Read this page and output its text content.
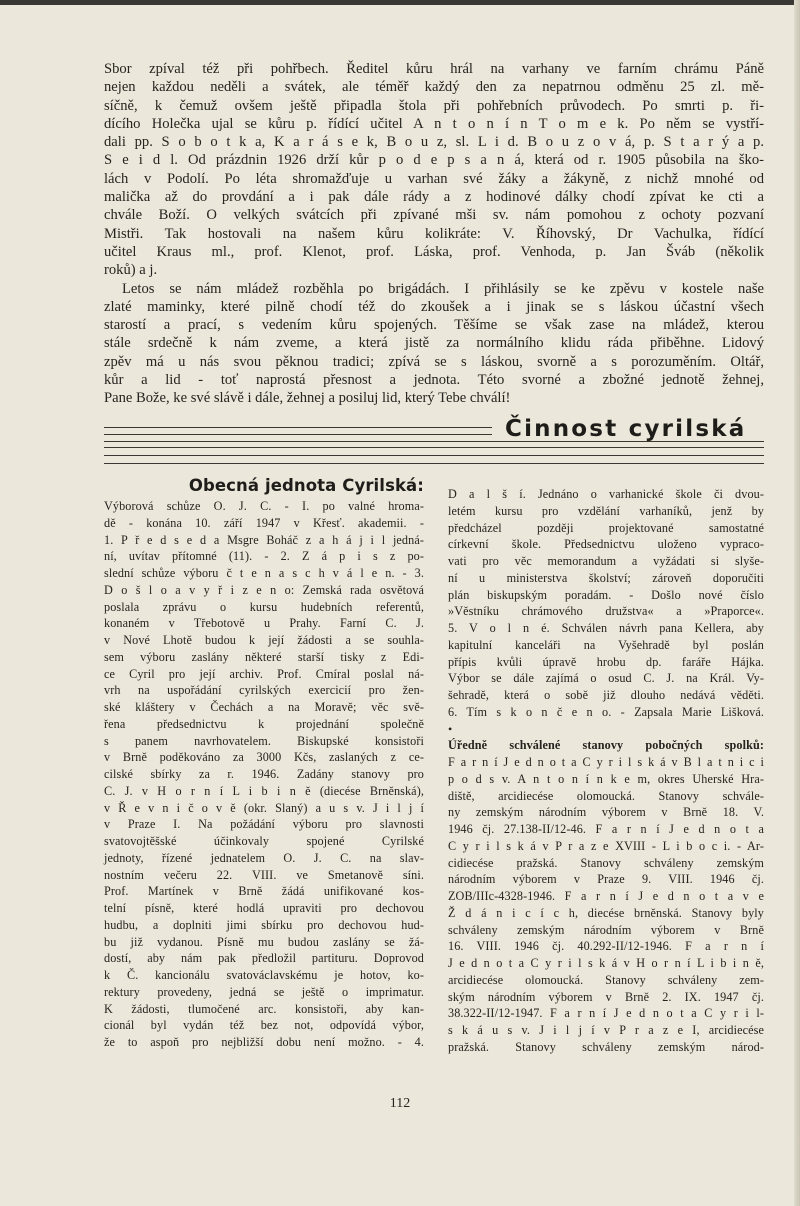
Sbor zpíval též při pohřbech. Ředitel kůru hrál na varhany ve farním chrámu Páně
nejen každou neděli a svátek, ale téměř každý den za nepatrnou odměnu 25 zl. mě-
síčně, k čemuž ovšem ještě připadla štola při pohřebních průvodech. Po smrti p. ři-
dícího Holečka ujal se kůru p. řídící učitel A n t o n í n T o m e k. Po něm se vystří-
dali pp. S o b o t k a, K a r á s e k, B o u z, sl. L i d. B o u z o v á, p. S t a r ý a p.
S e i d l. Od prázdnin 1926 drží kůr p o d e p s a n á, která od r. 1905 působila na ško-
lách v Podolí. Po léta shromažďuje u varhan své žáky a žákyně, z nichž mnohé od
malička až do provdání a i pak dále rády a z hodinové dálky chodí zpívat ke cti a
chvále Boží. O velkých svátcích při zpívané mši sv. nám pomohou z ochoty pozvaní
Mistři. Tak hostovali na našem kůru kolikráte: V. Říhovský, Dr Vachulka, řídící
učitel Kraus ml., prof. Klenot, prof. Láska, prof. Venhoda, p. Jan Šváb (několik
roků) a j.
Letos se nám mládež rozběhla po brigádách. I přihlásily se ke zpěvu v kostele naše
zlaté maminky, které pilně chodí též do zkoušek a i jinak se s láskou účastní všech
starostí a prací, s vedením kůru spojených. Těšíme se však zase na mládež, kterou
stále srdečně k nám zveme, a která jistě za normálního klidu ráda přiběhne. Lidový
zpěv má u nás svou pěknou tradici; zpívá se s láskou, svorně a s porozuměním. Oltář,
kůr a lid - toť naprostá přesnost a jednota. Této svorné a zbožné jednotě žehnej,
Pane Bože, ke své slávě i dále, žehnej a posiluj lid, který Tebe chválí!
Činnost cyrilská
Obecná jednota Cyrilská:
Výborová schůze O. J. C. - I. po valné hroma-
dě - konána 10. září 1947 v Křesť. akademii. -
1. P ř e d s e d a Msgre Boháč z a h á j i l jedná-
ní, uvítav přítomné (11). - 2. Z á p i s z po-
slední schůze výboru č t e n a s c h v á l e n. - 3.
D o š l o a v y ř i z e n o: Zemská rada osvětová
poslala zprávu o kursu hudebních referentů,
konaném v Třebotově u Prahy. Farní C. J.
v Nové Lhotě budou k její žádosti a se souhla-
sem výboru zaslány některé starší tisky z Edi-
ce Cyril pro její archiv. Prof. Cmíral poslal ná-
vrh na uspořádání cyrilských exercicií pro žen-
ské kláštery v Čechách a na Moravě; věc svě-
řena předsednictvu k projednání společně
s panem navrhovatelem. Biskupské konsistoři
v Brně poděkováno za 3000 Kčs, zaslaných z ce-
cilské sbírky za r. 1946. Zadány stanovy pro
C. J. v H o r n í L i b i n ě (diecése Brněnská),
v Ř e v n i č o v ě (okr. Slaný) a u s v. J i l j í
v Praze I. Na požádání výboru pro slavnosti
svatovojtěšské účinkovaly spojené Cyrilské
jednoty, řízené jednatelem O. J. C. na slav-
nostním večeru 22. VIII. ve Smetanově síni.
Prof. Martínek v Brně žádá unifikované kos-
telní písně, které hodlá upraviti pro dechovou
hudbu, a doplniti jimi sbírku pro dechovou hud-
bu již vydanou. Písně mu budou zaslány se žá-
dostí, aby nám pak předložil partituru. Doprovod
k Č. kancionálu svatováclavskému je hotov, ko-
rektury provedeny, jedná se ještě o imprimatur.
K žádosti, tlumočené arc. konsistoři, aby kan-
cionál byl vydán též bez not, odpovídá výbor,
že to aspoň pro nejbližší dobu není možno. - 4.
D a l š í. Jednáno o varhanické škole či dvou-
letém kursu pro vzdělání varhaníků, jenž by
předcházel později projektované samostatné
církevní škole. Předsednictvu uloženo vypraco-
vati pro věc memorandum a vyžádati si slyše-
ní u ministerstva školství; zároveň doporučiti
plán biskupským poradám. - Došlo nové číslo
»Věstníku chrámového družstva« a »Praporce«.
5. V o l n é. Schválen návrh pana Kellera, aby
kapitulní kanceláři na Vyšehradě byl poslán
přípis kvůli úpravě hrobu dp. faráře Hájka.
Výbor se dále zajímá o osud C. J. na Král. Vy-
šehradě, která o sobě již dlouho nedává věděti.
6. Tím s k o n č e n o. - Zapsala Marie Lišková.
•
Úředně schválené stanovy pobočných spolků:
F a r n í J e d n o t a C y r i l s k á v B l a t n i c i
p o d s v. A n t o n í n k e m, okres Uherské Hra-
diště, arcidiecése olomoucká. Stanovy schvále-
ny zemským národním výborem v Brně 18. V.
1946 čj. 27.138-II/12-46. F a r n í J e d n o t a
C y r i l s k á v P r a z e XVIII - L i b o c i. - Ar-
cidiecése pražská. Stanovy schváleny zemským
národním výborem v Praze 9. VIII. 1946 čj.
ZOB/IIIc-4328-1946. F a r n í J e d n o t a v e
Ž d á n i c í c h, diecése brněnská. Stanovy byly
schváleny zemským národním výborem v Brně
16. VIII. 1946 čj. 40.292-II/12-1946. F a r n í
J e d n o t a C y r i l s k á v H o r n í L i b i n ě,
arcidiecése olomoucká. Stanovy schváleny zem-
ským národním výborem v Brně 2. IX. 1947 čj.
38.322-II/12-1947. F a r n í J e d n o t a C y r i l-
s k á u s v. J i l j í v P r a z e I, arcidiecése
pražská. Stanovy schváleny zemským národ-
112
